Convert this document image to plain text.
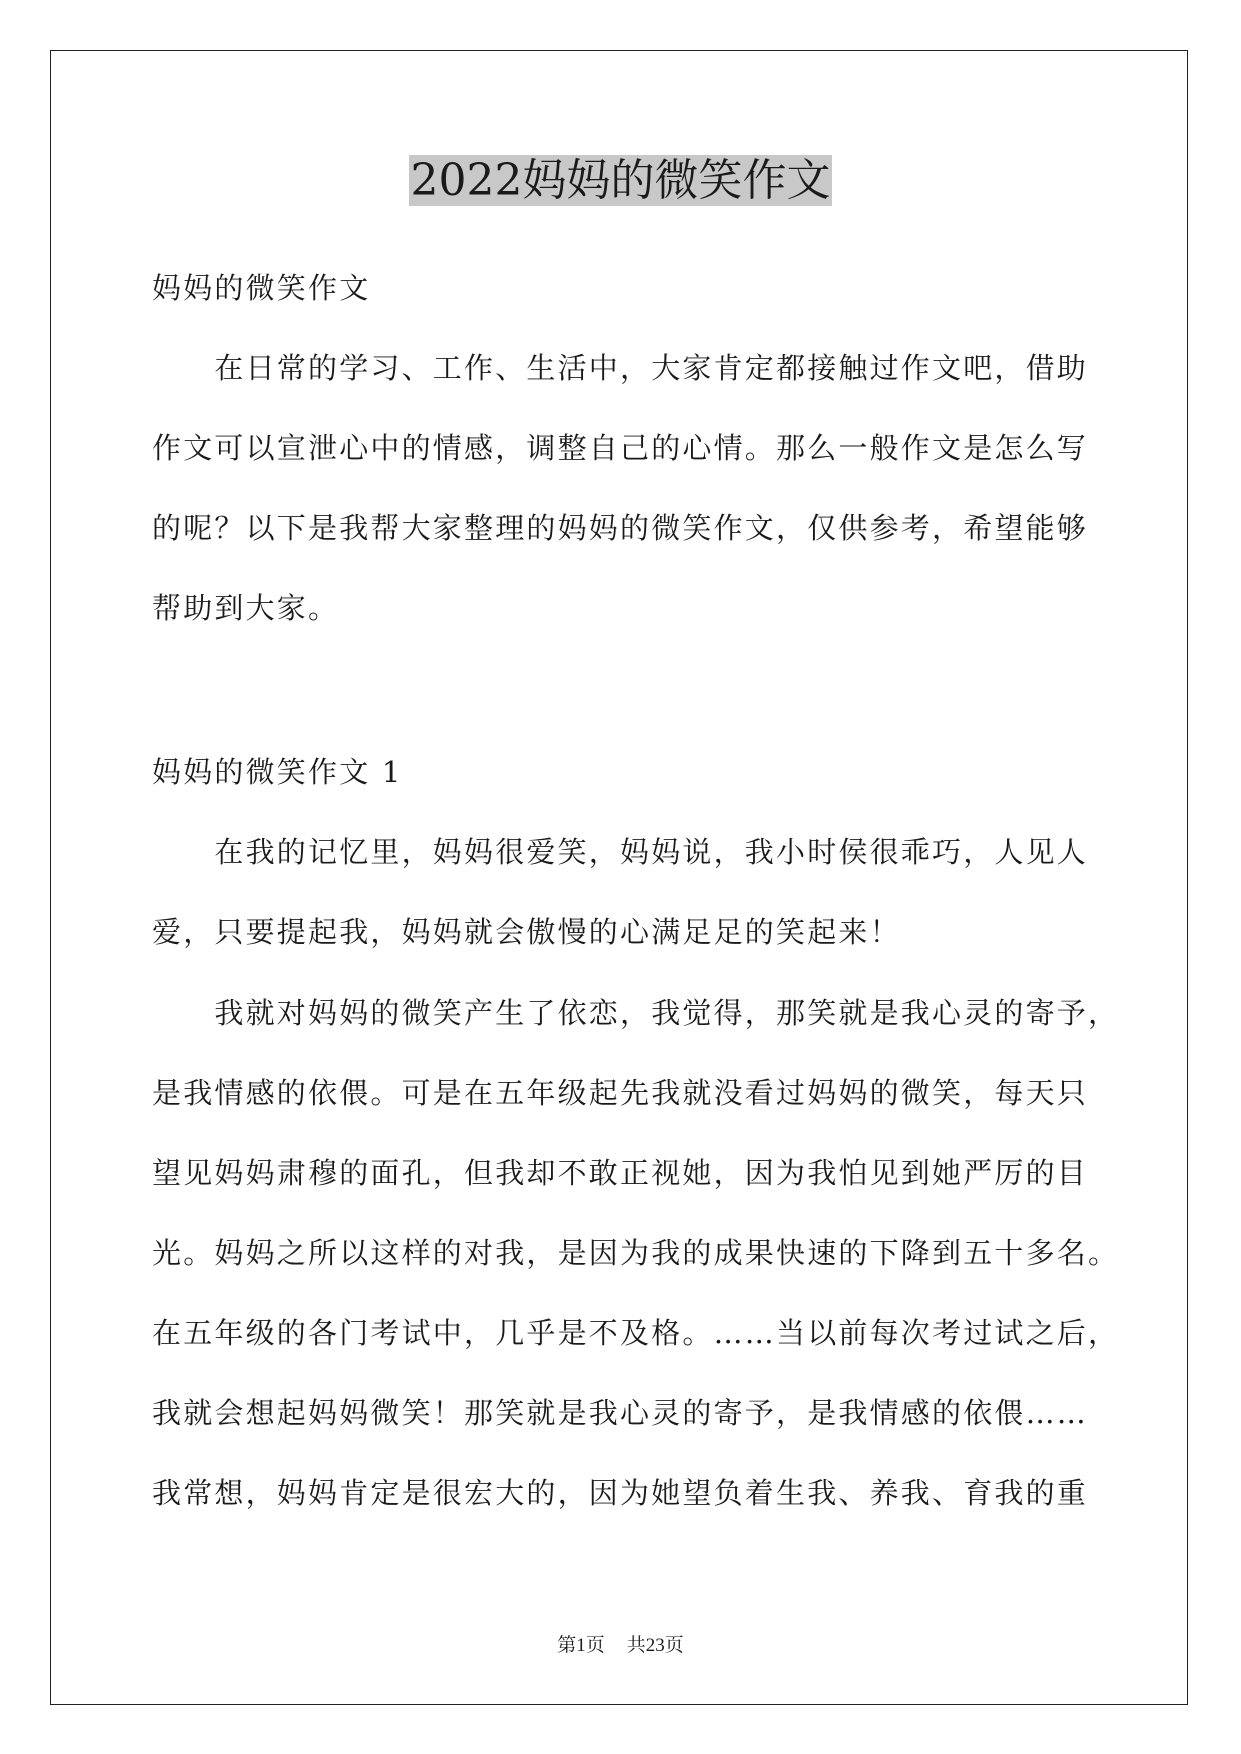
2022妈妈的微笑作文
妈妈的微笑作文
　　在日常的学习、工作、生活中，大家肯定都接触过作文吧，借助
作文可以宣泄心中的情感，调整自己的心情。那么一般作文是怎么写
的呢？以下是我帮大家整理的妈妈的微笑作文，仅供参考，希望能够
帮助到大家。
妈妈的微笑作文 1
　　在我的记忆里，妈妈很爱笑，妈妈说，我小时侯很乖巧，人见人
爱，只要提起我，妈妈就会傲慢的心满足足的笑起来！
　　我就对妈妈的微笑产生了依恋，我觉得，那笑就是我心灵的寄予，
是我情感的依偎。可是在五年级起先我就没看过妈妈的微笑，每天只
望见妈妈肃穆的面孔，但我却不敢正视她，因为我怕见到她严厉的目
光。妈妈之所以这样的对我，是因为我的成果快速的下降到五十多名。
在五年级的各门考试中，几乎是不及格。……当以前每次考过试之后，
我就会想起妈妈微笑！那笑就是我心灵的寄予，是我情感的依偎……
我常想，妈妈肯定是很宏大的，因为她望负着生我、养我、育我的重
第1页 共23页
